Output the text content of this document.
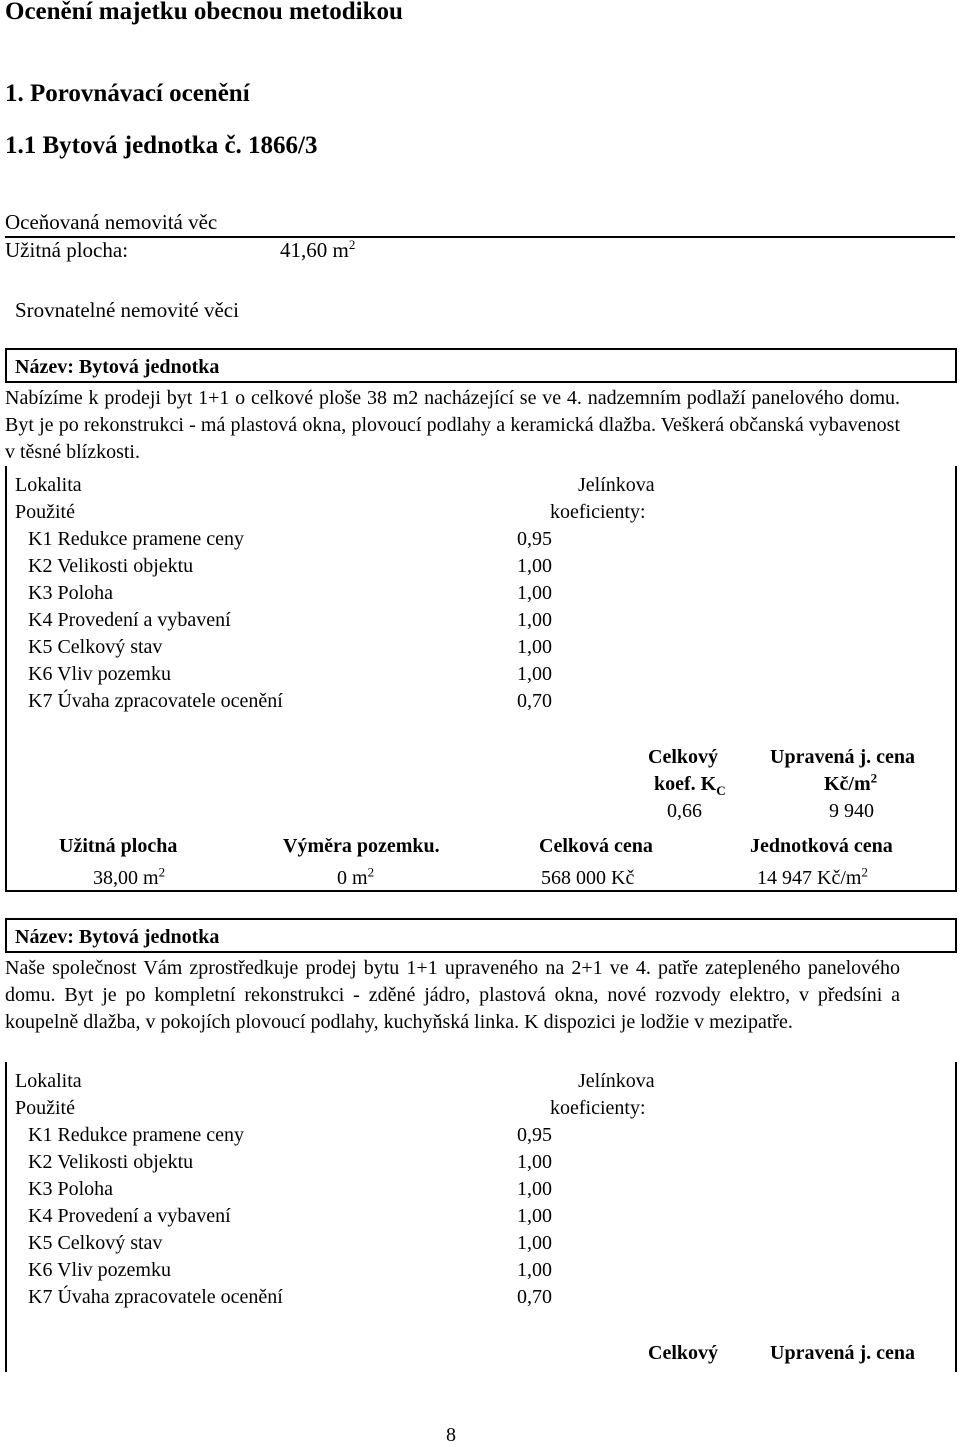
Ocenění majetku obecnou metodikou
1. Porovnávací ocenění
1.1 Bytová jednotka č. 1866/3
Oceňovaná nemovitá věc
Užitná plocha:	41,60 $m^2$
Srovnatelné nemovité věci
Název: Bytová jednotka
Nabízíme k prodeji byt 1+1 o celkové ploše 38 m2 nacházející se ve 4. nadzemním podlaží panelového domu. Byt je po rekonstrukci - má plastová okna, plovoucí podlahy a keramická dlažba. Veškerá občanská vybavenost v těsné blízkosti.
Lokalita	Jelínkova
Použité	koeficienty:
K1 Redukce pramene ceny	0,95
K2 Velikosti objektu	1,00
K3 Poloha	1,00
K4 Provedení a vybavení	1,00
K5 Celkový stav	1,00
K6 Vliv pozemku	1,00
K7 Úvaha zpracovatele ocenění	0,70
Celkový	Upravená j. cena
koef. $K_C$	$Kč/m^2$
0,66	9 940
Užitná plocha	Výměra pozemku.	Celková cena	Jednotková cena
38,00 $m^2$	0 $m^2$	568 000 Kč	14 947 $Kč/m^2$
Název: Bytová jednotka
Naše společnost Vám zprostředkuje prodej bytu 1+1 upraveného na 2+1 ve 4. patře zatepleného panelového domu. Byt je po kompletní rekonstrukci - zděné jádro, plastová okna, nové rozvody elektro, v předsíni a koupelně dlažba, v pokojích plovoucí podlahy, kuchyňská linka. K dispozici je lodžie v mezipatře.
Lokalita	Jelínkova
Použité	koeficienty:
K1 Redukce pramene ceny	0,95
K2 Velikosti objektu	1,00
K3 Poloha	1,00
K4 Provedení a vybavení	1,00
K5 Celkový stav	1,00
K6 Vliv pozemku	1,00
K7 Úvaha zpracovatele ocenění	0,70
Celkový	Upravená j. cena
8
